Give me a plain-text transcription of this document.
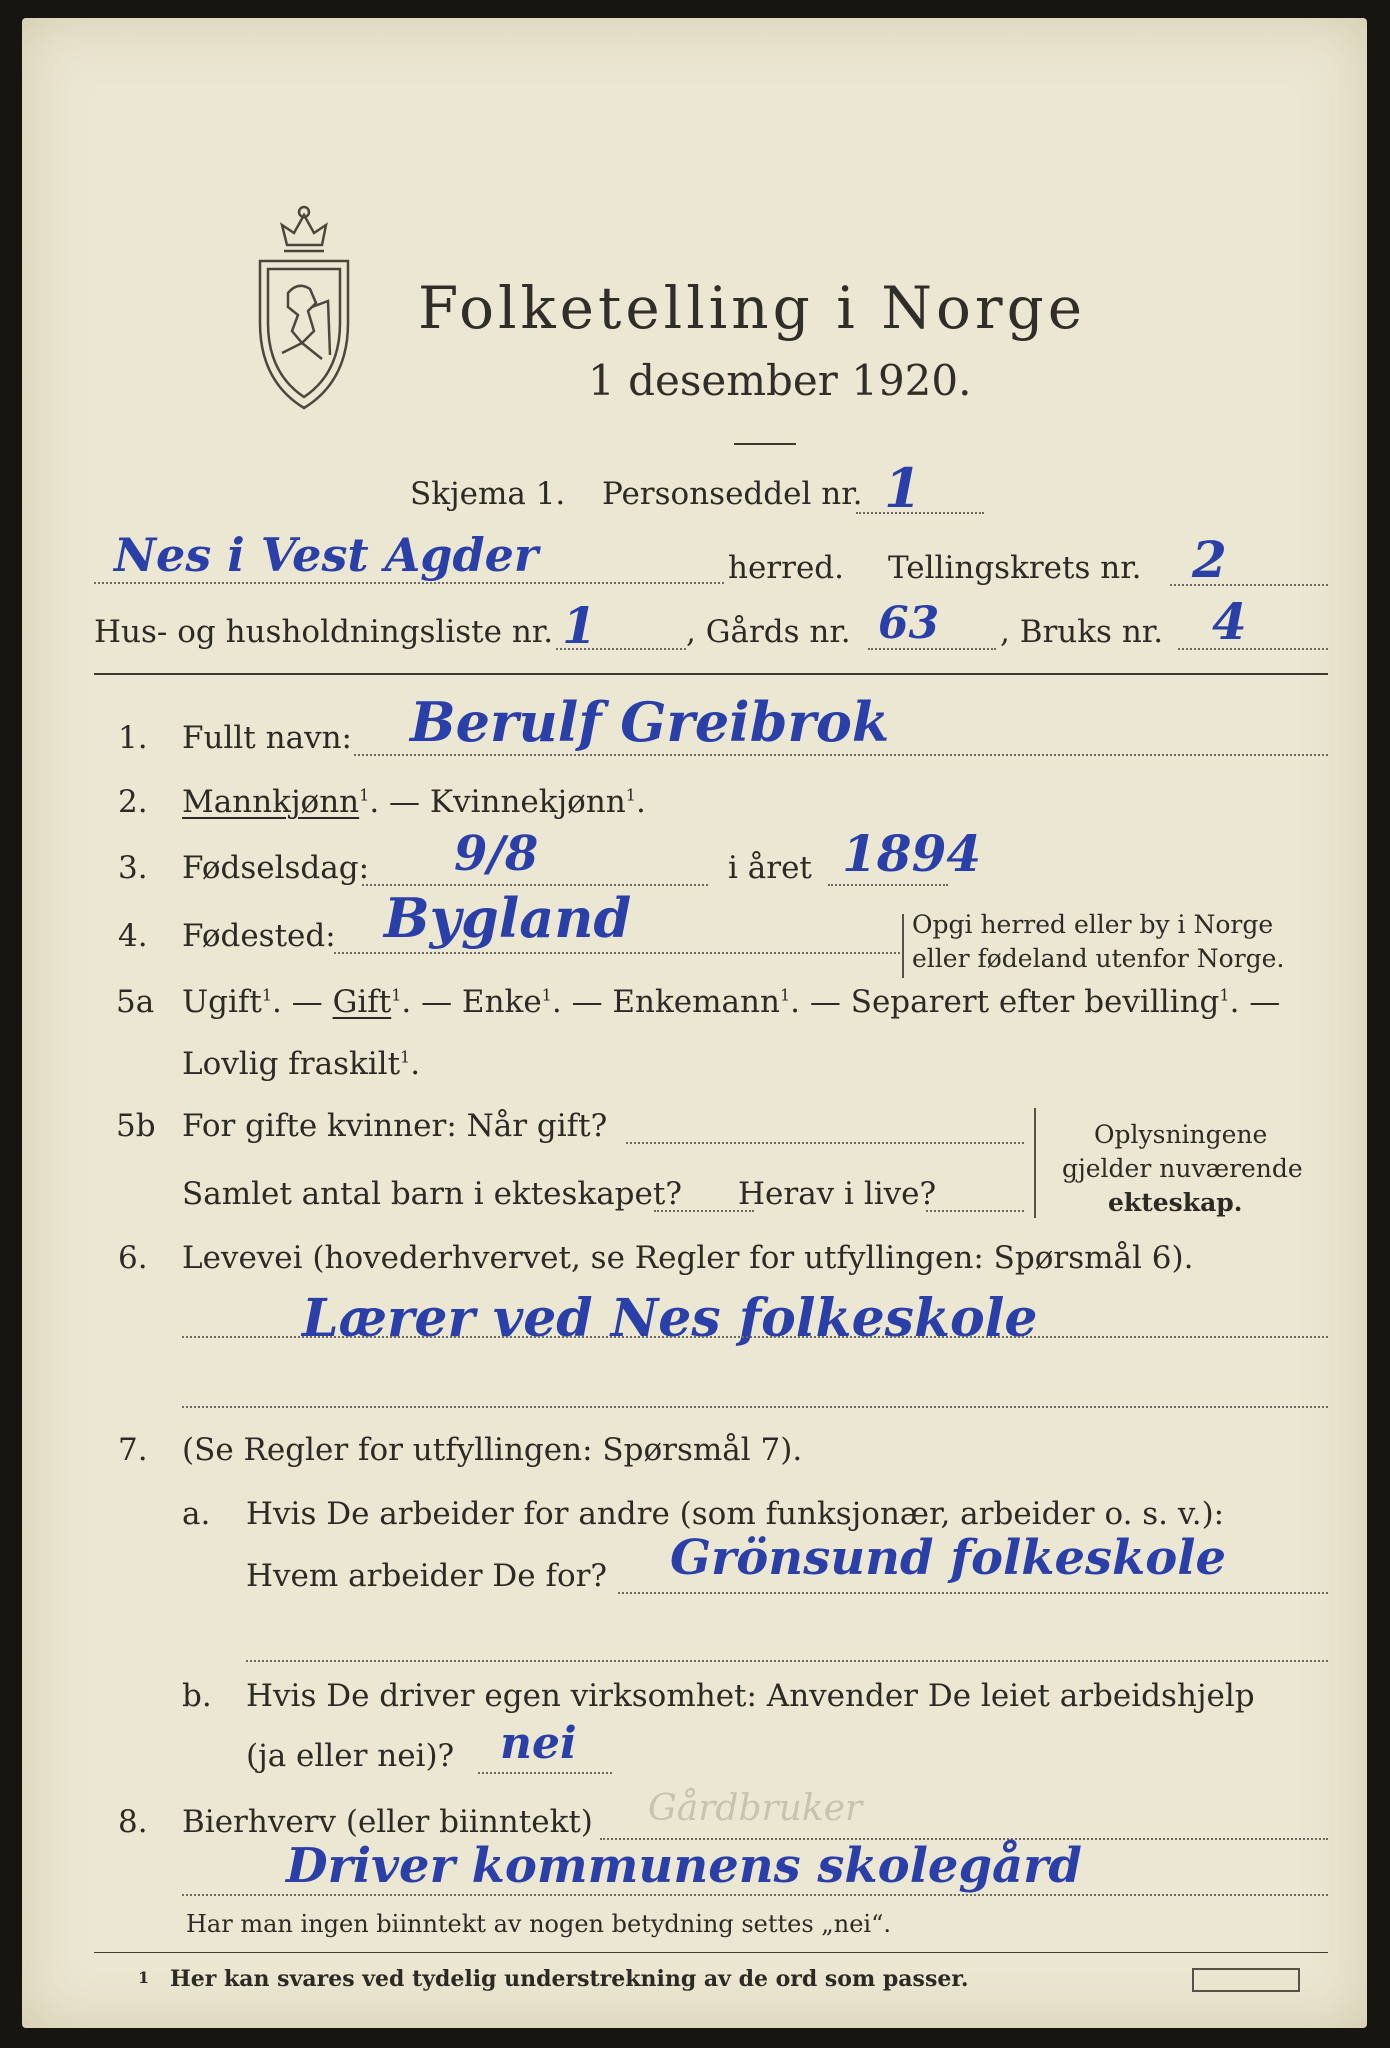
Folketelling i Norge
1 desember 1920.
Skjema 1. Personseddel nr. 1
Nes i Vest Agder	herred. Tellingskrets nr. 2
Hus- og husholdningsliste nr. 1	, Gårds nr. 63 , Bruks nr. 4
1. Fullt navn: Berulf Greibrok
2. Mannkjønn$^1$. — Kvinnekjønn$^1$.
3. Fødselsdag: 9/8	i året 1894
4. Fødested: Bygland	Opgi herred eller by i Norge
eller fødeland utenfor Norge.
5a Ugift$^1$. — Gift$^1$. — Enke$^1$. — Enkemann$^1$. — Separert efter bevilling$^1$. —
Lovlig fraskilt$^1$.
5b For gifte kvinner: Når gift?
Samlet antal barn i ekteskapet? Herav i live?
Oplysningene
gjelder nuværende
ekteskap.
6. Levevei (hovederhvervet, se Regler for utfyllingen: Spørsmål 6).
Lærer ved Nes folkeskole
7. (Se Regler for utfyllingen: Spørsmål 7).
a. Hvis De arbeider for andre (som funksjonær, arbeider o. s. v.):
Hvem arbeider De for? Grönsund folkeskole
b. Hvis De driver egen virksomhet: Anvender De leiet arbeidshjelp
(ja eller nei)? nei
8. Bierhverv (eller biinntekt) Gårdbruker
Driver kommunens skolegård
Har man ingen biinntekt av nogen betydning settes „nei“.
1 Her kan svares ved tydelig understrekning av de ord som passer.
